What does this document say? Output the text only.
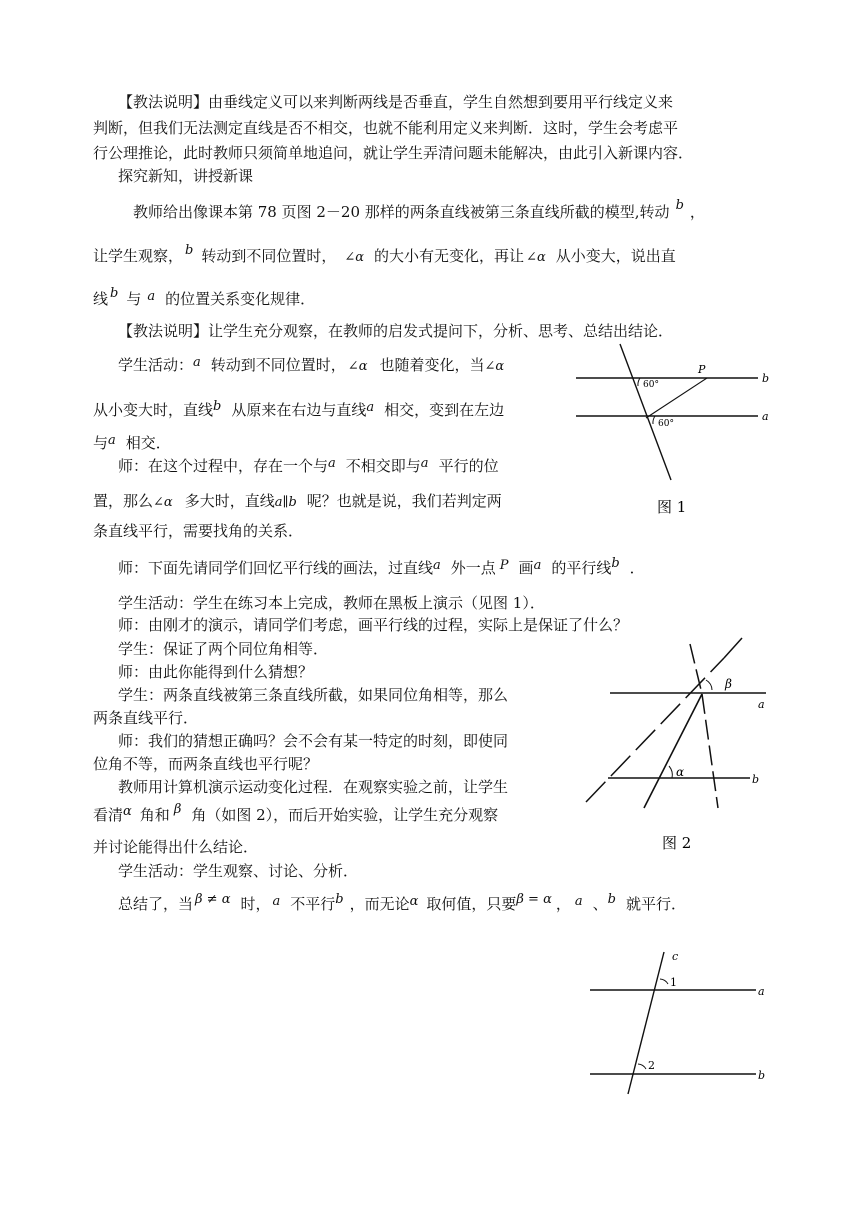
【教法说明】由垂线定义可以来判断两线是否垂直，学生自然想到要用平行线定义来
判断，但我们无法测定直线是否不相交，也就不能利用定义来判断．这时，学生会考虑平
行公理推论，此时教师只须简单地追问，就让学生弄清问题未能解决，由此引入新课内容．
探究新知，讲授新课
教师给出像课本第 78 页图 2－20 那样的两条直线被第三条直线所截的模型,转动 b ，
让学生观察， b 转动到不同位置时， ∠α 的大小有无变化，再让 ∠α 从小变大，说出直
线 b 与 a 的位置关系变化规律．
【教法说明】让学生充分观察，在教师的启发式提问下，分析、思考、总结出结论．
学生活动：a 转动到不同位置时， ∠α 也随着变化，当∠α
从小变大时，直线b 从原来在右边与直线a 相交，变到在左边
与a 相交．
师：在这个过程中，存在一个与a 不相交即与a 平行的位
置，那么∠α 多大时，直线a∥b 呢？也就是说，我们若判定两
条直线平行，需要找角的关系．
师：下面先请同学们回忆平行线的画法，过直线a 外一点 P 画a 的平行线b ．
学生活动：学生在练习本上完成，教师在黑板上演示（见图 1）．
师：由刚才的演示，请同学们考虑，画平行线的过程，实际上是保证了什么？
学生：保证了两个同位角相等．
师：由此你能得到什么猜想？
学生：两条直线被第三条直线所截，如果同位角相等，那么
两条直线平行．
师：我们的猜想正确吗？会不会有某一特定的时刻，即使同
位角不等，而两条直线也平行呢？
教师用计算机演示运动变化过程．在观察实验之前，让学生
看清α 角和 β 角（如图 2），而后开始实验，让学生充分观察
并讨论能得出什么结论．
学生活动：学生观察、讨论、分析．
总结了，当 β ≠ α 时， a 不平行b ，而无论α 取何值，只要β = α ， a 、b 就平行．
60°
60°
P
b
a
图 1
β
α
a
b
图 2
c
1
2
a
b
